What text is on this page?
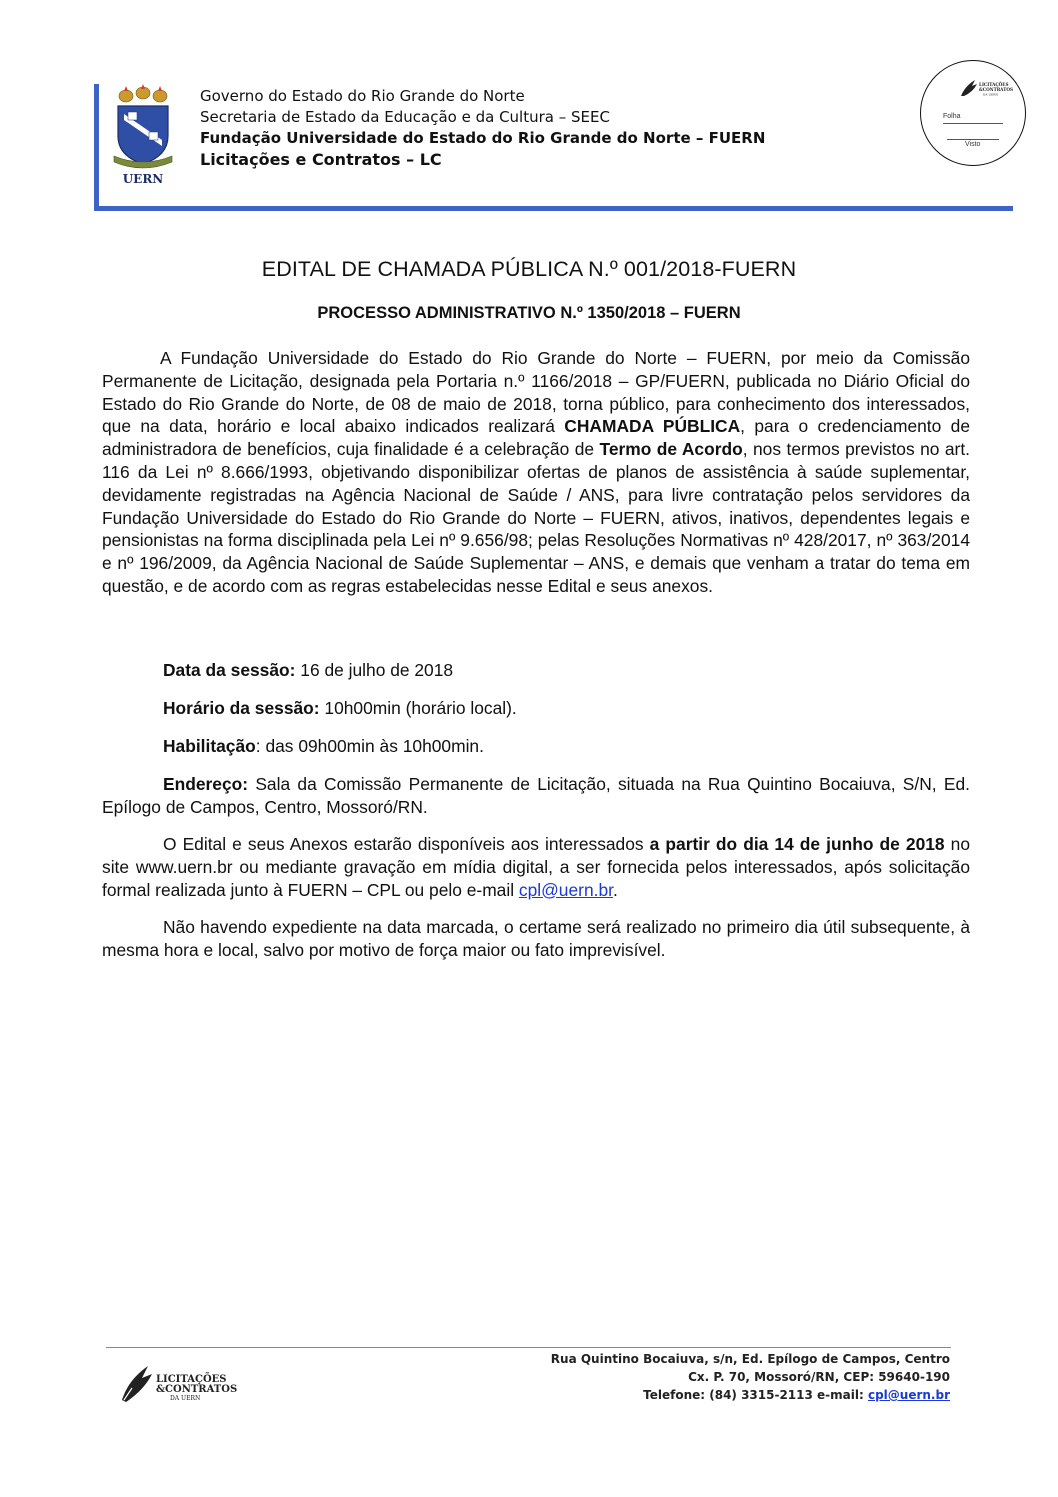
UERN
Governo do Estado do Rio Grande do Norte
Secretaria de Estado da Educação e da Cultura – SEEC
Fundação Universidade do Estado do Rio Grande do Norte – FUERN
Licitações e Contratos – LC
LICITAÇÕES
&CONTRATOS
DA UERN
Folha
Visto
EDITAL DE CHAMADA PÚBLICA N.º 001/2018-FUERN
PROCESSO ADMINISTRATIVO N.º 1350/2018 – FUERN
A Fundação Universidade do Estado do Rio Grande do Norte – FUERN, por meio da Comissão Permanente de Licitação, designada pela Portaria n.º 1166/2018 – GP/FUERN, publicada no Diário Oficial do Estado do Rio Grande do Norte, de 08 de maio de 2018, torna público, para conhecimento dos interessados, que na data, horário e local abaixo indicados realizará CHAMADA PÚBLICA, para o credenciamento de administradora de benefícios, cuja finalidade é a celebração de Termo de Acordo, nos termos previstos no art. 116 da Lei nº 8.666/1993, objetivando disponibilizar ofertas de planos de assistência à saúde suplementar, devidamente registradas na Agência Nacional de Saúde / ANS, para livre contratação pelos servidores da Fundação Universidade do Estado do Rio Grande do Norte – FUERN, ativos, inativos, dependentes legais e pensionistas na forma disciplinada pela Lei nº 9.656/98; pelas Resoluções Normativas nº 428/2017, nº 363/2014 e nº 196/2009, da Agência Nacional de Saúde Suplementar – ANS, e demais que venham a tratar do tema em questão, e de acordo com as regras estabelecidas nesse Edital e seus anexos.
Data da sessão: 16 de julho de 2018
Horário da sessão: 10h00min (horário local).
Habilitação: das 09h00min às 10h00min.
Endereço: Sala da Comissão Permanente de Licitação, situada na Rua Quintino Bocaiuva, S/N, Ed. Epílogo de Campos, Centro, Mossoró/RN.
O Edital e seus Anexos estarão disponíveis aos interessados a partir do dia 14 de junho de 2018 no site www.uern.br ou mediante gravação em mídia digital, a ser fornecida pelos interessados, após solicitação formal realizada junto à FUERN – CPL ou pelo e-mail cpl@uern.br.
Não havendo expediente na data marcada, o certame será realizado no primeiro dia útil subsequente, à mesma hora e local, salvo por motivo de força maior ou fato imprevisível.
LICITAÇÕES
&CONTRATOS
DA UERN
Rua Quintino Bocaiuva, s/n, Ed. Epílogo de Campos, Centro
Cx. P. 70, Mossoró/RN, CEP: 59640-190
Telefone: (84) 3315-2113 e-mail: cpl@uern.br
